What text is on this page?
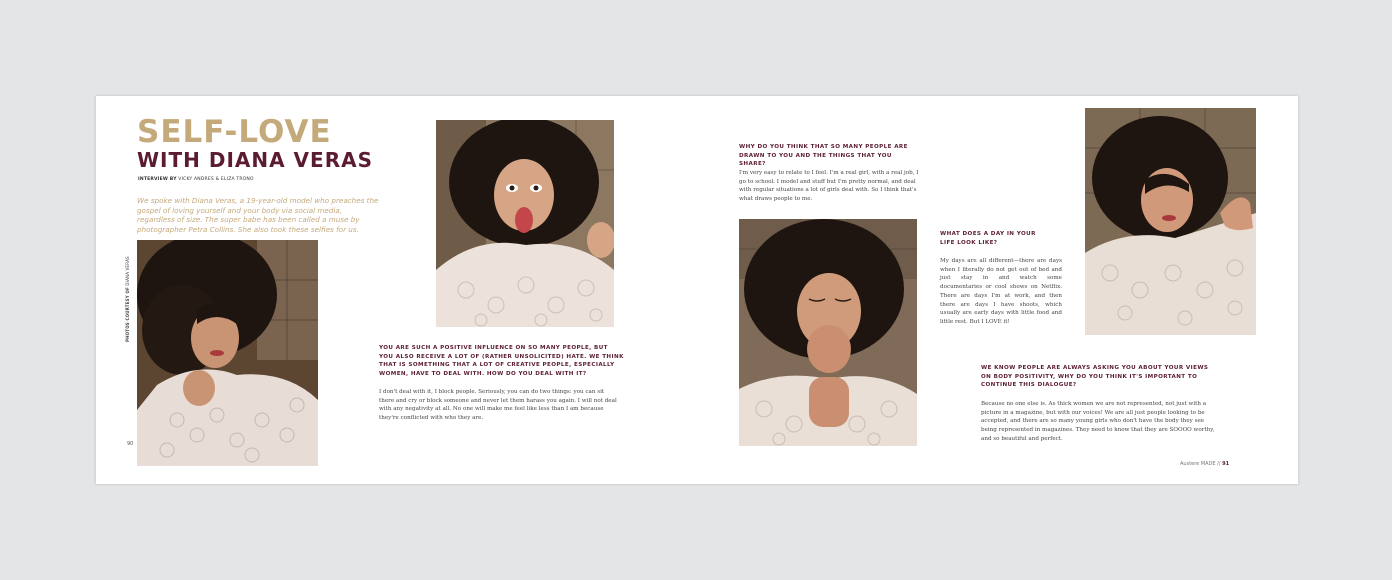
SELF-LOVE
WITH DIANA VERAS
INTERVIEW BY VICKY ANDRES & ELIZA TRONO
We spoke with Diana Veras, a 19-year-old model who preaches the gospel of loving yourself and your body via social media, regardless of size. The super babe has been called a muse by photographer Petra Collins. She also took these selfies for us.
PHOTOS COURTESY OF DIANA VERAS
90
YOU ARE SUCH A POSITIVE INFLUENCE ON SO MANY PEOPLE, BUT YOU ALSO RECEIVE A LOT OF (RATHER UNSOLICITED) HATE. WE THINK THAT IS SOMETHING THAT A LOT OF CREATIVE PEOPLE, ESPECIALLY WOMEN, HAVE TO DEAL WITH. HOW DO YOU DEAL WITH IT?
I don't deal with it, I block people. Seriously, you can do two things: you can sit there and cry or block someone and never let them harass you again. I will not deal with any negativity at all. No one will make me feel like less than I am because they're conflicted with who they are.
WHY DO YOU THINK THAT SO MANY PEOPLE ARE DRAWN TO YOU AND THE THINGS THAT YOU SHARE?
I'm very easy to relate to I feel. I'm a real girl, with a real job, I go to school. I model and stuff but I'm pretty normal, and deal with regular situations a lot of girls deal with. So I think that's what draws people to me.
WHAT DOES A DAY IN YOUR LIFE LOOK LIKE?
My days are all different—there are days when I literally do not get out of bed and just stay in and watch some documentaries or cool shows on Netflix. There are days I'm at work, and then there are days I have shoots, which usually are early days with little food and little rest. But I LOVE it!
WE KNOW PEOPLE ARE ALWAYS ASKING YOU ABOUT YOUR VIEWS ON BODY POSITIVITY, WHY DO YOU THINK IT'S IMPORTANT TO CONTINUE THIS DIALOGUE?
Because no one else is. As thick women we are not represented, not just with a picture in a magazine, but with our voices! We are all just people looking to be accepted, and there are so many young girls who don't have the body they see being represented in magazines. They need to know that they are SOOOO worthy, and so beautiful and perfect.
Austere MADE // 91
